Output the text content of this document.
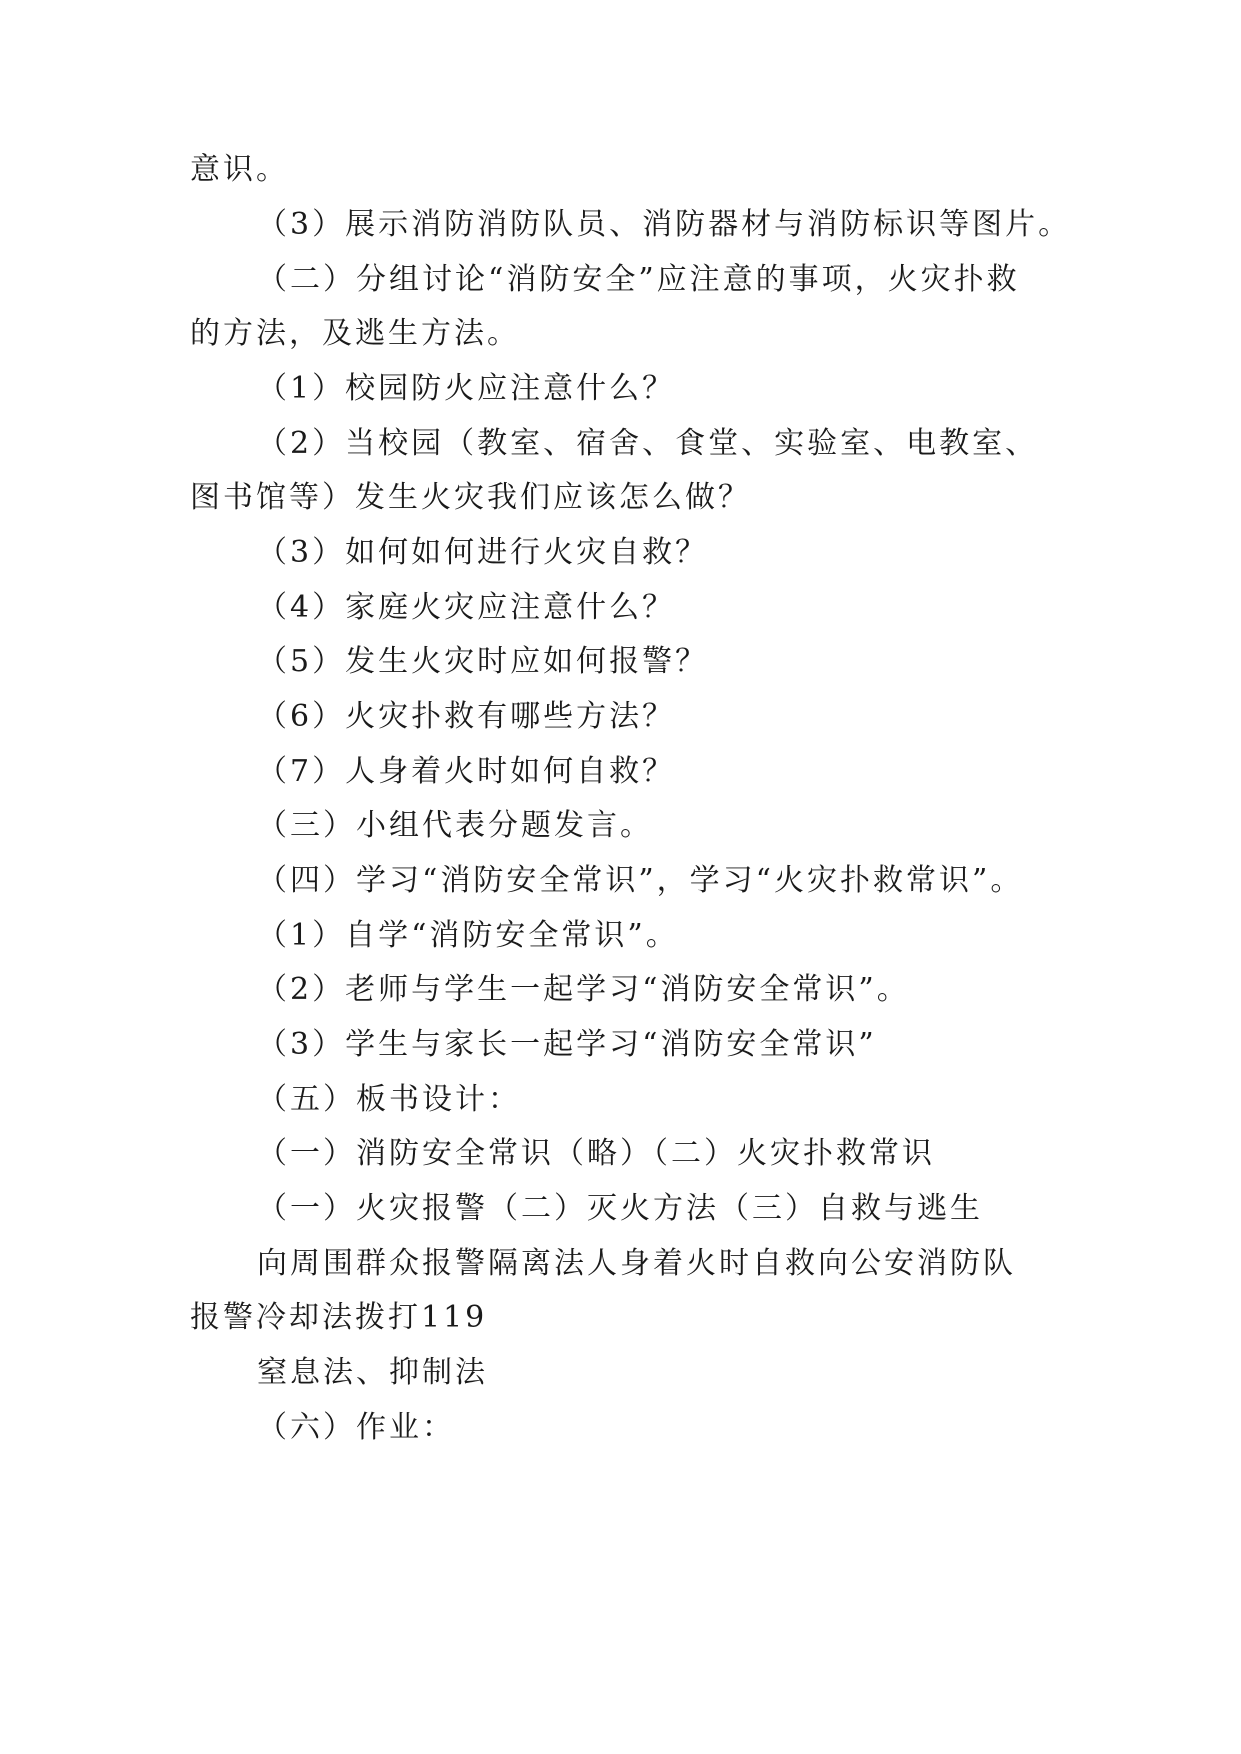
意识。
（3）展示消防消防队员、消防器材与消防标识等图片。
（二）分组讨论“消防安全”应注意的事项，火灾扑救
的方法，及逃生方法。
（1）校园防火应注意什么？
（2）当校园（教室、宿舍、食堂、实验室、电教室、
图书馆等）发生火灾我们应该怎么做？
（3）如何如何进行火灾自救？
（4）家庭火灾应注意什么？
（5）发生火灾时应如何报警？
（6）火灾扑救有哪些方法？
（7）人身着火时如何自救？
（三）小组代表分题发言。
（四）学习“消防安全常识”，学习“火灾扑救常识”。
（1）自学“消防安全常识”。
（2）老师与学生一起学习“消防安全常识”。
（3）学生与家长一起学习“消防安全常识”
（五）板书设计：
（一）消防安全常识（略）（二）火灾扑救常识
（一）火灾报警（二）灭火方法（三）自救与逃生
向周围群众报警隔离法人身着火时自救向公安消防队
报警冷却法拨打119
窒息法、抑制法
（六）作业：
